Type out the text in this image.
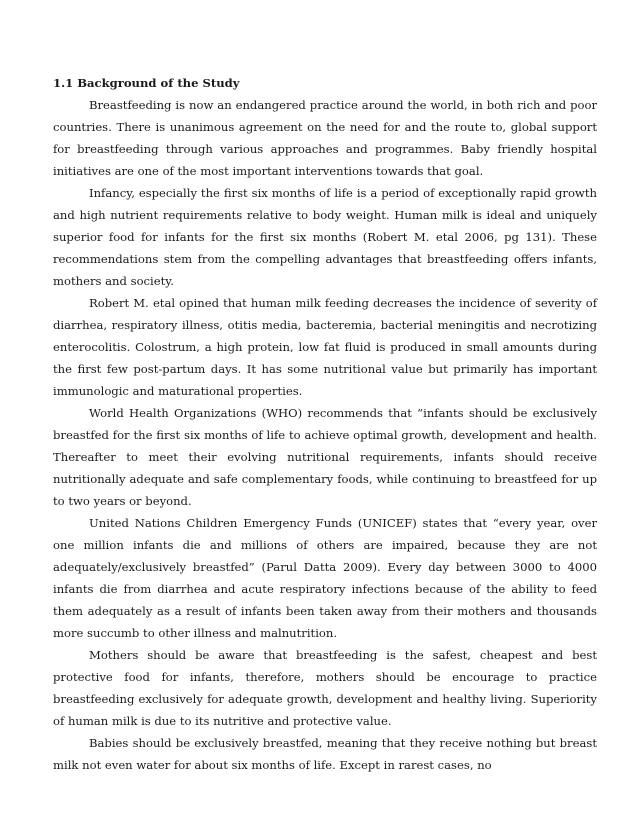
1.1 Background of the Study

Breastfeeding is now an endangered practice around the world, in both rich and poor countries. There is unanimous agreement on the need for and the route to, global support for breastfeeding through various approaches and programmes. Baby friendly hospital initiatives are one of the most important interventions towards that goal.

Infancy, especially the first six months of life is a period of exceptionally rapid growth and high nutrient requirements relative to body weight. Human milk is ideal and uniquely superior food for infants for the first six months (Robert M. etal 2006, pg 131). These recommendations stem from the compelling advantages that breastfeeding offers infants, mothers and society.

Robert M. etal opined that human milk feeding decreases the incidence of severity of diarrhea, respiratory illness, otitis media, bacteremia, bacterial meningitis and necrotizing enterocolitis. Colostrum, a high protein, low fat fluid is produced in small amounts during the first few post-partum days. It has some nutritional value but primarily has important immunologic and maturational properties.

World Health Organizations (WHO) recommends that “infants should be exclusively breastfed for the first six months of life to achieve optimal growth, development and health. Thereafter to meet their evolving nutritional requirements, infants should receive nutritionally adequate and safe complementary foods, while continuing to breastfeed for up to two years or beyond.

United Nations Children Emergency Funds (UNICEF) states that “every year, over one million infants die and millions of others are impaired, because they are not adequately/exclusively breastfed” (Parul Datta 2009). Every day between 3000 to 4000 infants die from diarrhea and acute respiratory infections because of the ability to feed them adequately as a result of infants been taken away from their mothers and thousands more succumb to other illness and malnutrition.

Mothers should be aware that breastfeeding is the safest, cheapest and best protective food for infants, therefore, mothers should be encourage to practice breastfeeding exclusively for adequate growth, development and healthy living. Superiority of human milk is due to its nutritive and protective value.

Babies should be exclusively breastfed, meaning that they receive nothing but breast milk not even water for about six months of life. Except in rarest cases, no
